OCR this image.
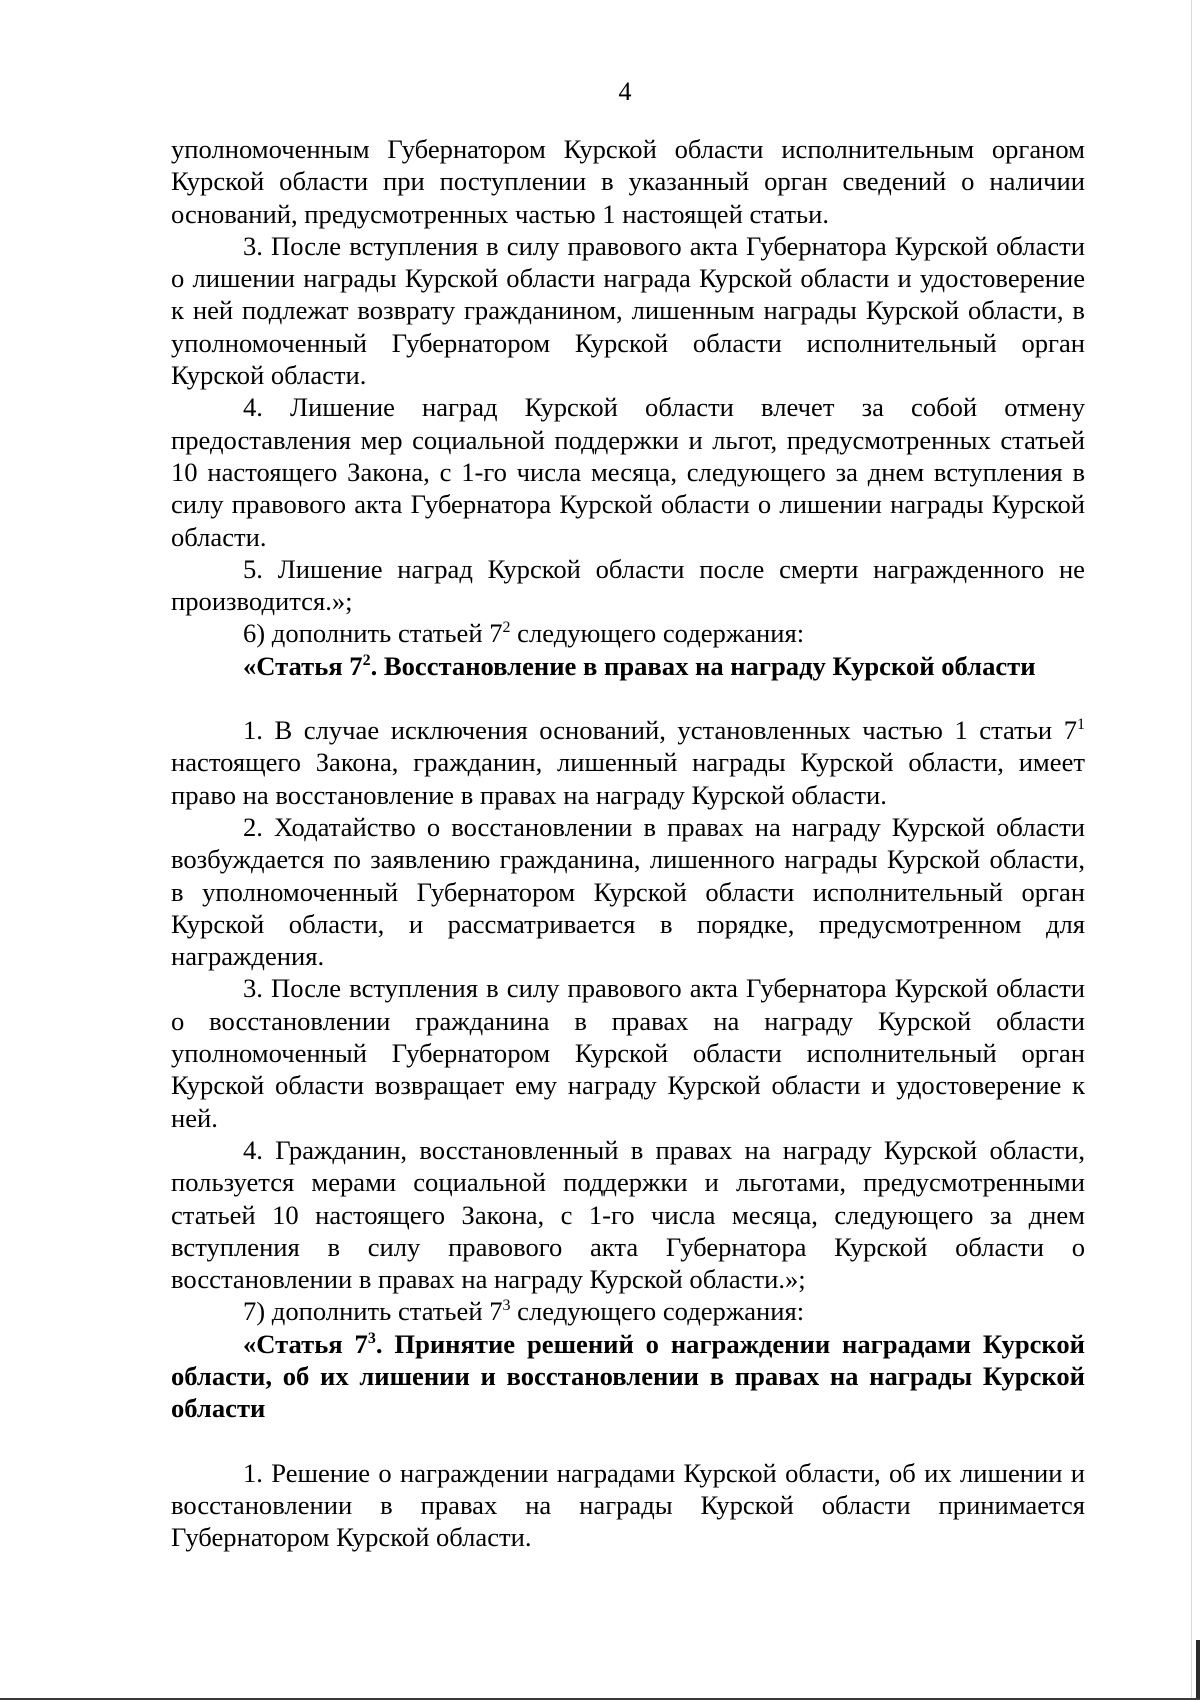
4

уполномоченным Губернатором Курской области исполнительным органом Курской области при поступлении в указанный орган сведений о наличии оснований, предусмотренных частью 1 настоящей статьи.

3. После вступления в силу правового акта Губернатора Курской области о лишении награды Курской области награда Курской области и удостоверение к ней подлежат возврату гражданином, лишенным награды Курской области, в уполномоченный Губернатором Курской области исполнительный орган Курской области.

4. Лишение наград Курской области влечет за собой отмену предоставления мер социальной поддержки и льгот, предусмотренных статьей 10 настоящего Закона, с 1-го числа месяца, следующего за днем вступления в силу правового акта Губернатора Курской области о лишении награды Курской области.

5. Лишение наград Курской области после смерти награжденного не производится.»;

6) дополнить статьей $7^2$ следующего содержания:

«Статья $7^2$. Восстановление в правах на награду Курской области

1. В случае исключения оснований, установленных частью 1 статьи $7^1$ настоящего Закона, гражданин, лишенный награды Курской области, имеет право на восстановление в правах на награду Курской области.

2. Ходатайство о восстановлении в правах на награду Курской области возбуждается по заявлению гражданина, лишенного награды Курской области, в уполномоченный Губернатором Курской области исполнительный орган Курской области, и рассматривается в порядке, предусмотренном для награждения.

3. После вступления в силу правового акта Губернатора Курской области о восстановлении гражданина в правах на награду Курской области уполномоченный Губернатором Курской области исполнительный орган Курской области возвращает ему награду Курской области и удостоверение к ней.

4. Гражданин, восстановленный в правах на награду Курской области, пользуется мерами социальной поддержки и льготами, предусмотренными статьей 10 настоящего Закона, с 1-го числа месяца, следующего за днем вступления в силу правового акта Губернатора Курской области о восстановлении в правах на награду Курской области.»;

7) дополнить статьей $7^3$ следующего содержания:

«Статья $7^3$. Принятие решений о награждении наградами Курской области, об их лишении и восстановлении в правах на награды Курской области

1. Решение о награждении наградами Курской области, об их лишении и восстановлении в правах на награды Курской области принимается Губернатором Курской области.
